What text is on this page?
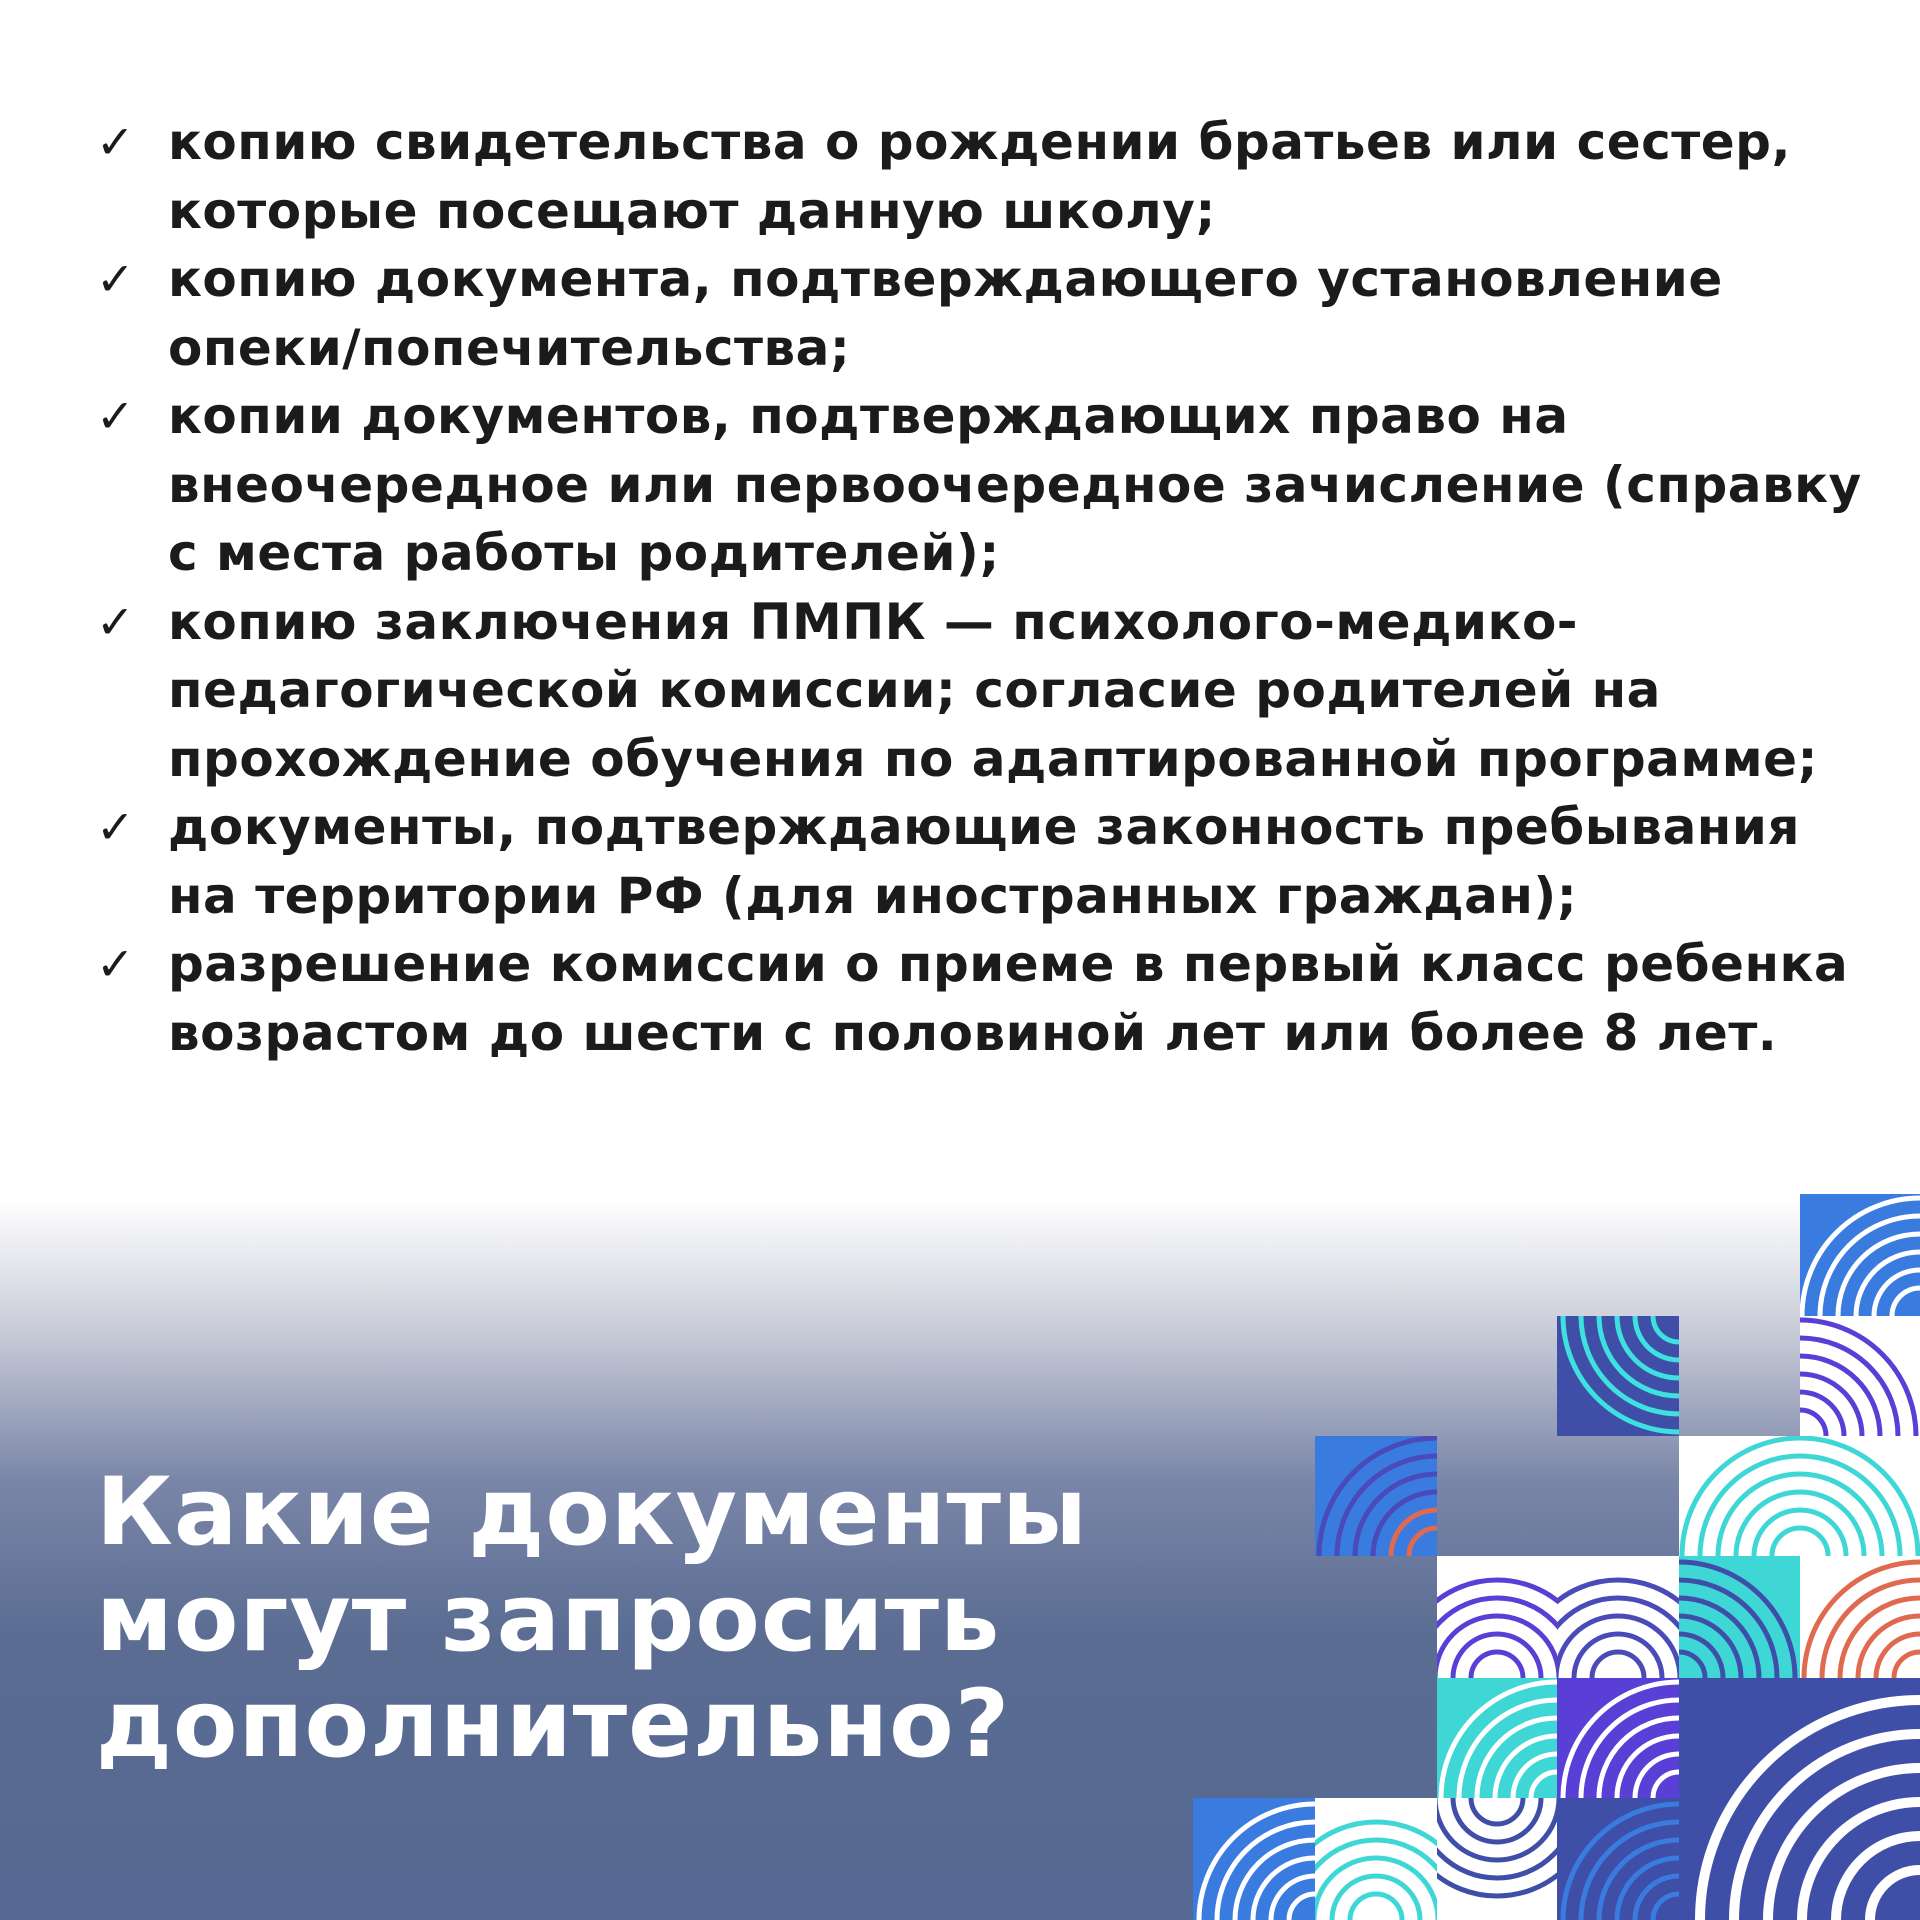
✓ копию свидетельства о рождении братьев или сестер, которые посещают данную школу;
✓ копию документа, подтверждающего установление опеки/попечительства;
✓ копии документов, подтверждающих право на внеочередное или первоочередное зачисление (справку с места работы родителей);
✓ копию заключения ПМПК — психолого-медико-педагогической комиссии; согласие родителей на прохождение обучения по адаптированной программе;
✓ документы, подтверждающие законность пребывания на территории РФ (для иностранных граждан);
✓ разрешение комиссии о приеме в первый класс ребенка возрастом до шести с половиной лет или более 8 лет.
Какие документы
могут запросить
дополнительно?
